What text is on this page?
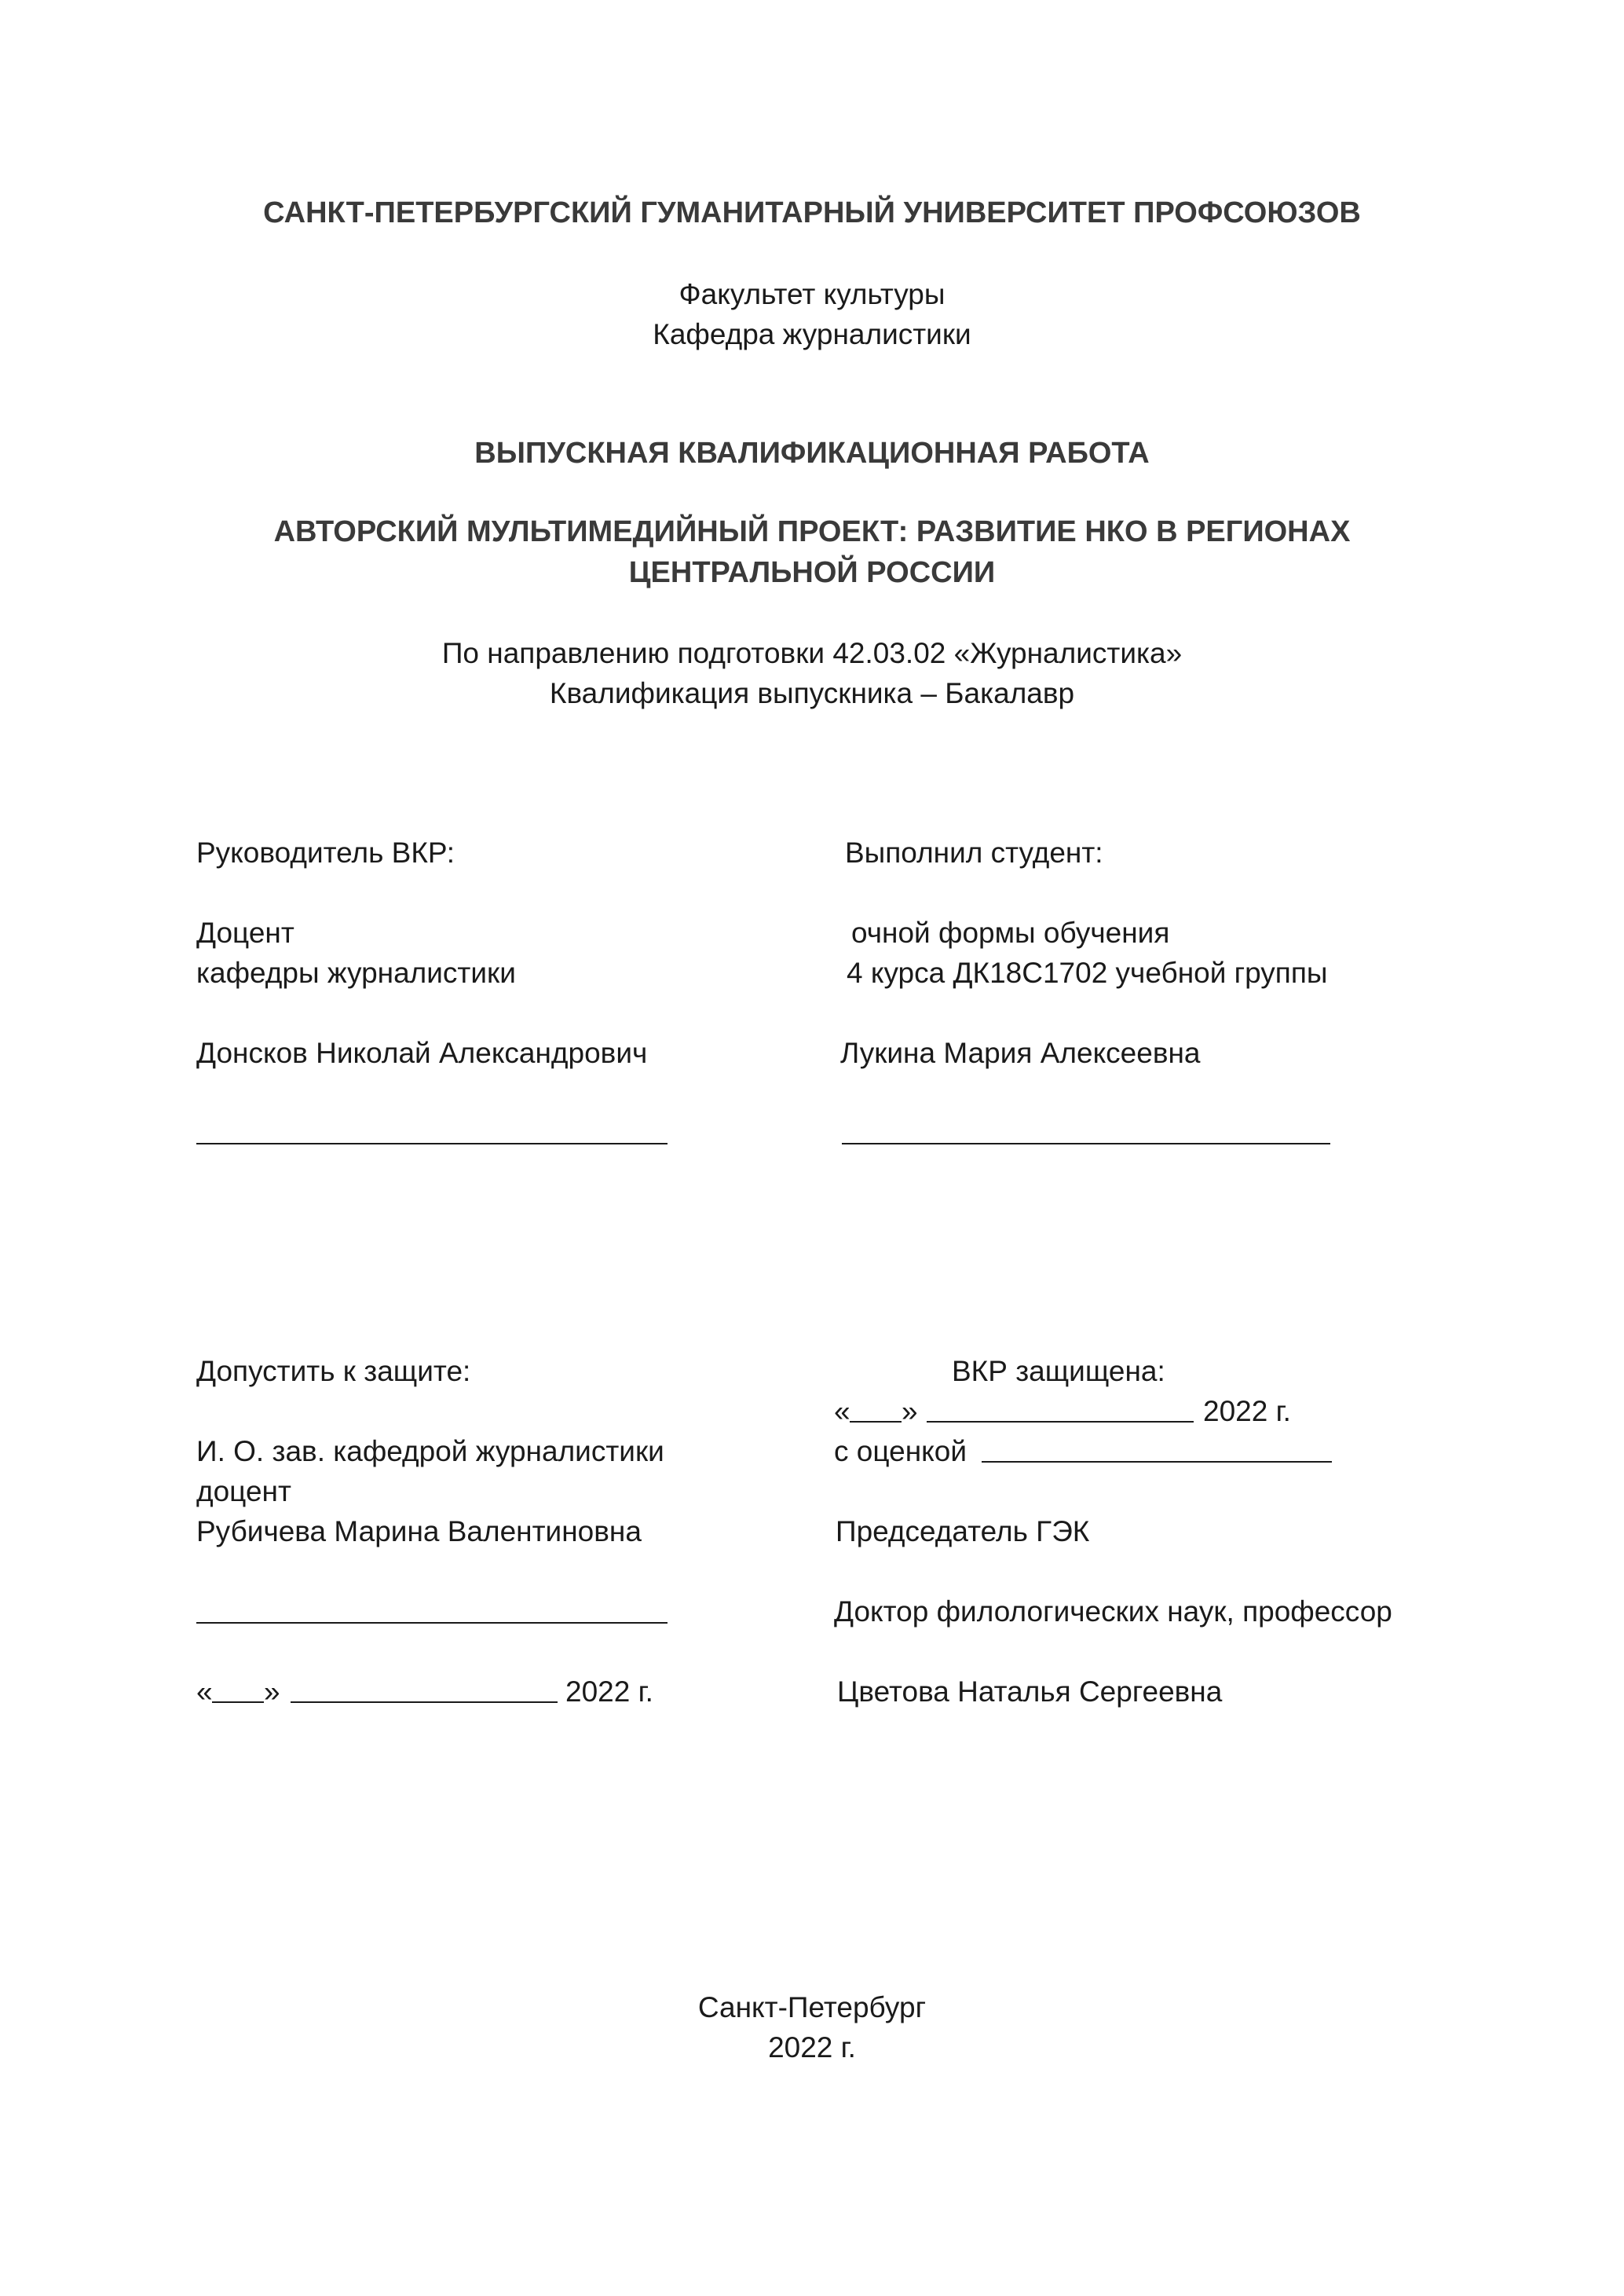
САНКТ-ПЕТЕРБУРГСКИЙ ГУМАНИТАРНЫЙ УНИВЕРСИТЕТ ПРОФСОЮЗОВ
Факультет культуры
Кафедра журналистики
ВЫПУСКНАЯ КВАЛИФИКАЦИОННАЯ РАБОТА
АВТОРСКИЙ МУЛЬТИМЕДИЙНЫЙ ПРОЕКТ: РАЗВИТИЕ НКО В РЕГИОНАХ
ЦЕНТРАЛЬНОЙ РОССИИ
По направлению подготовки 42.03.02 «Журналистика»
Квалификация выпускника – Бакалавр
Руководитель ВКР:
Доцент
кафедры журналистики
Донсков Николай Александрович
Выполнил студент:
очной формы обучения
4 курса ДК18С1702 учебной группы
Лукина Мария Алексеевна
Допустить к защите:
И. О. зав. кафедрой журналистики
доцент
Рубичева Марина Валентиновна
« »	2022 г.
ВКР защищена:
« »	2022 г.
с оценкой
Председатель ГЭК
Доктор филологических наук, профессор
Цветова Наталья Сергеевна
Санкт-Петербург
2022 г.
